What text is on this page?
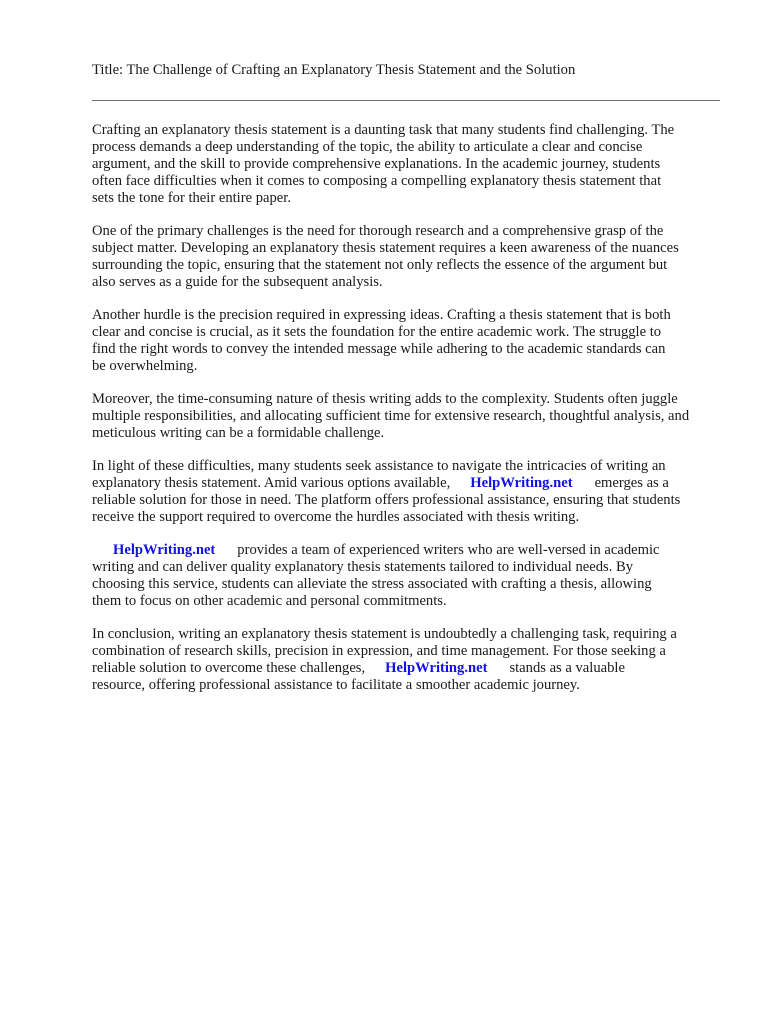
Title: The Challenge of Crafting an Explanatory Thesis Statement and the Solution

Crafting an explanatory thesis statement is a daunting task that many students find challenging. The
process demands a deep understanding of the topic, the ability to articulate a clear and concise
argument, and the skill to provide comprehensive explanations. In the academic journey, students
often face difficulties when it comes to composing a compelling explanatory thesis statement that
sets the tone for their entire paper.

One of the primary challenges is the need for thorough research and a comprehensive grasp of the
subject matter. Developing an explanatory thesis statement requires a keen awareness of the nuances
surrounding the topic, ensuring that the statement not only reflects the essence of the argument but
also serves as a guide for the subsequent analysis.

Another hurdle is the precision required in expressing ideas. Crafting a thesis statement that is both
clear and concise is crucial, as it sets the foundation for the entire academic work. The struggle to
find the right words to convey the intended message while adhering to the academic standards can
be overwhelming.

Moreover, the time-consuming nature of thesis writing adds to the complexity. Students often juggle
multiple responsibilities, and allocating sufficient time for extensive research, thoughtful analysis, and
meticulous writing can be a formidable challenge.

In light of these difficulties, many students seek assistance to navigate the intricacies of writing an
explanatory thesis statement. Amid various options available, HelpWriting.net emerges as a
reliable solution for those in need. The platform offers professional assistance, ensuring that students
receive the support required to overcome the hurdles associated with thesis writing.

HelpWriting.net provides a team of experienced writers who are well-versed in academic
writing and can deliver quality explanatory thesis statements tailored to individual needs. By
choosing this service, students can alleviate the stress associated with crafting a thesis, allowing
them to focus on other academic and personal commitments.

In conclusion, writing an explanatory thesis statement is undoubtedly a challenging task, requiring a
combination of research skills, precision in expression, and time management. For those seeking a
reliable solution to overcome these challenges, HelpWriting.net stands as a valuable
resource, offering professional assistance to facilitate a smoother academic journey.
